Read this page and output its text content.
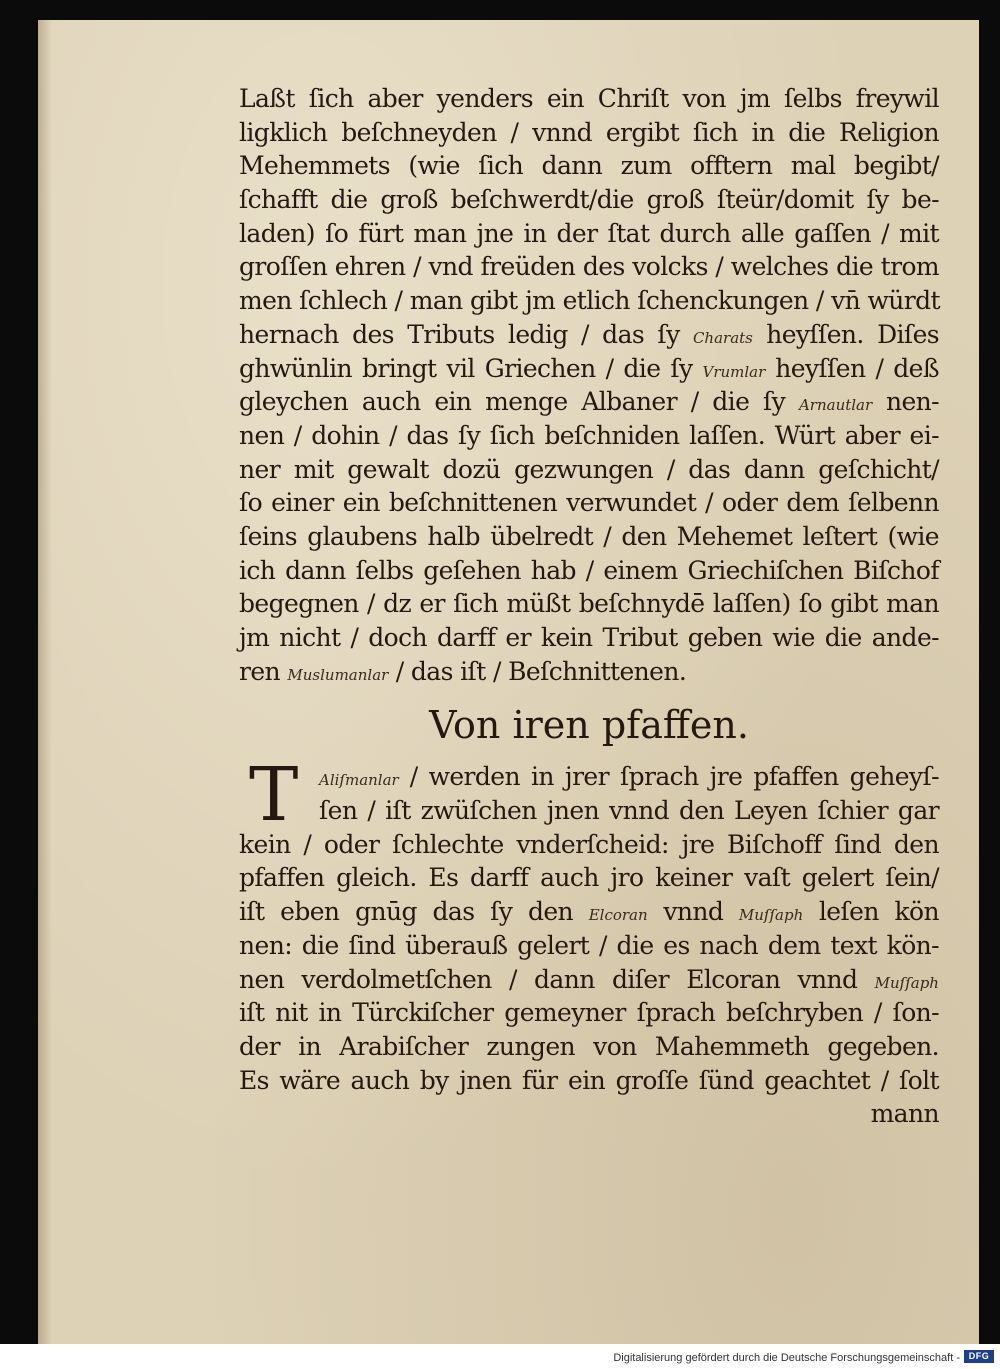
Laßt ſich aber yenders ein Chriſt von jm ſelbs freywil
ligklich beſchneyden / vnnd ergibt ſich in die Religion
Mehemmets (wie ſich dann zum offtern mal begibt/
ſchafft die groß beſchwerdt/die groß ſteür/domit ſy be-
laden) ſo fürt man jne in der ſtat durch alle gaſſen / mit
groſſen ehren / vnd freüden des volcks / welches die trom
men ſchlech / man gibt jm etlich ſchenckungen / vn̄ würdt
hernach des Tributs ledig / das ſy Charats heyſſen. Diſes
ghwünlin bringt vil Griechen / die ſy Vrumlar heyſſen / deß
gleychen auch ein menge Albaner / die ſy Arnautlar nen-
nen / dohin / das ſy ſich beſchniden laſſen. Würt aber ei-
ner mit gewalt dozü gezwungen / das dann geſchicht/
ſo einer ein beſchnittenen verwundet / oder dem ſelbenn
ſeins glaubens halb übelredt / den Mehemet leſtert (wie
ich dann ſelbs geſehen hab / einem Griechiſchen Biſchof
begegnen / dz er ſich müßt beſchnydē laſſen) ſo gibt man
jm nicht / doch darff er kein Tribut geben wie die ande-
ren Muslumanlar / das iſt / Beſchnittenen.
Von iren pfaffen.
T	Aliſmanlar / werden in jrer ſprach jre pfaffen geheyſ-
ſen / iſt zwüſchen jnen vnnd den Leyen ſchier gar
kein / oder ſchlechte vnderſcheid: jre Biſchoff ſind den
pfaffen gleich. Es darff auch jro keiner vaſt gelert ſein/
iſt eben gnūg das ſy den Elcoran vnnd Muſſaph leſen kön
nen: die ſind überauß gelert / die es nach dem text kön-
nen verdolmetſchen / dann diſer Elcoran vnnd Muſſaph
iſt nit in Türckiſcher gemeyner ſprach beſchryben / ſon-
der in Arabiſcher zungen von Mahemmeth gegeben.
Es wäre auch by jnen für ein groſſe ſünd geachtet / ſolt
mann
Digitalisierung gefördert durch die Deutsche Forschungsgemeinschaft - DFG
